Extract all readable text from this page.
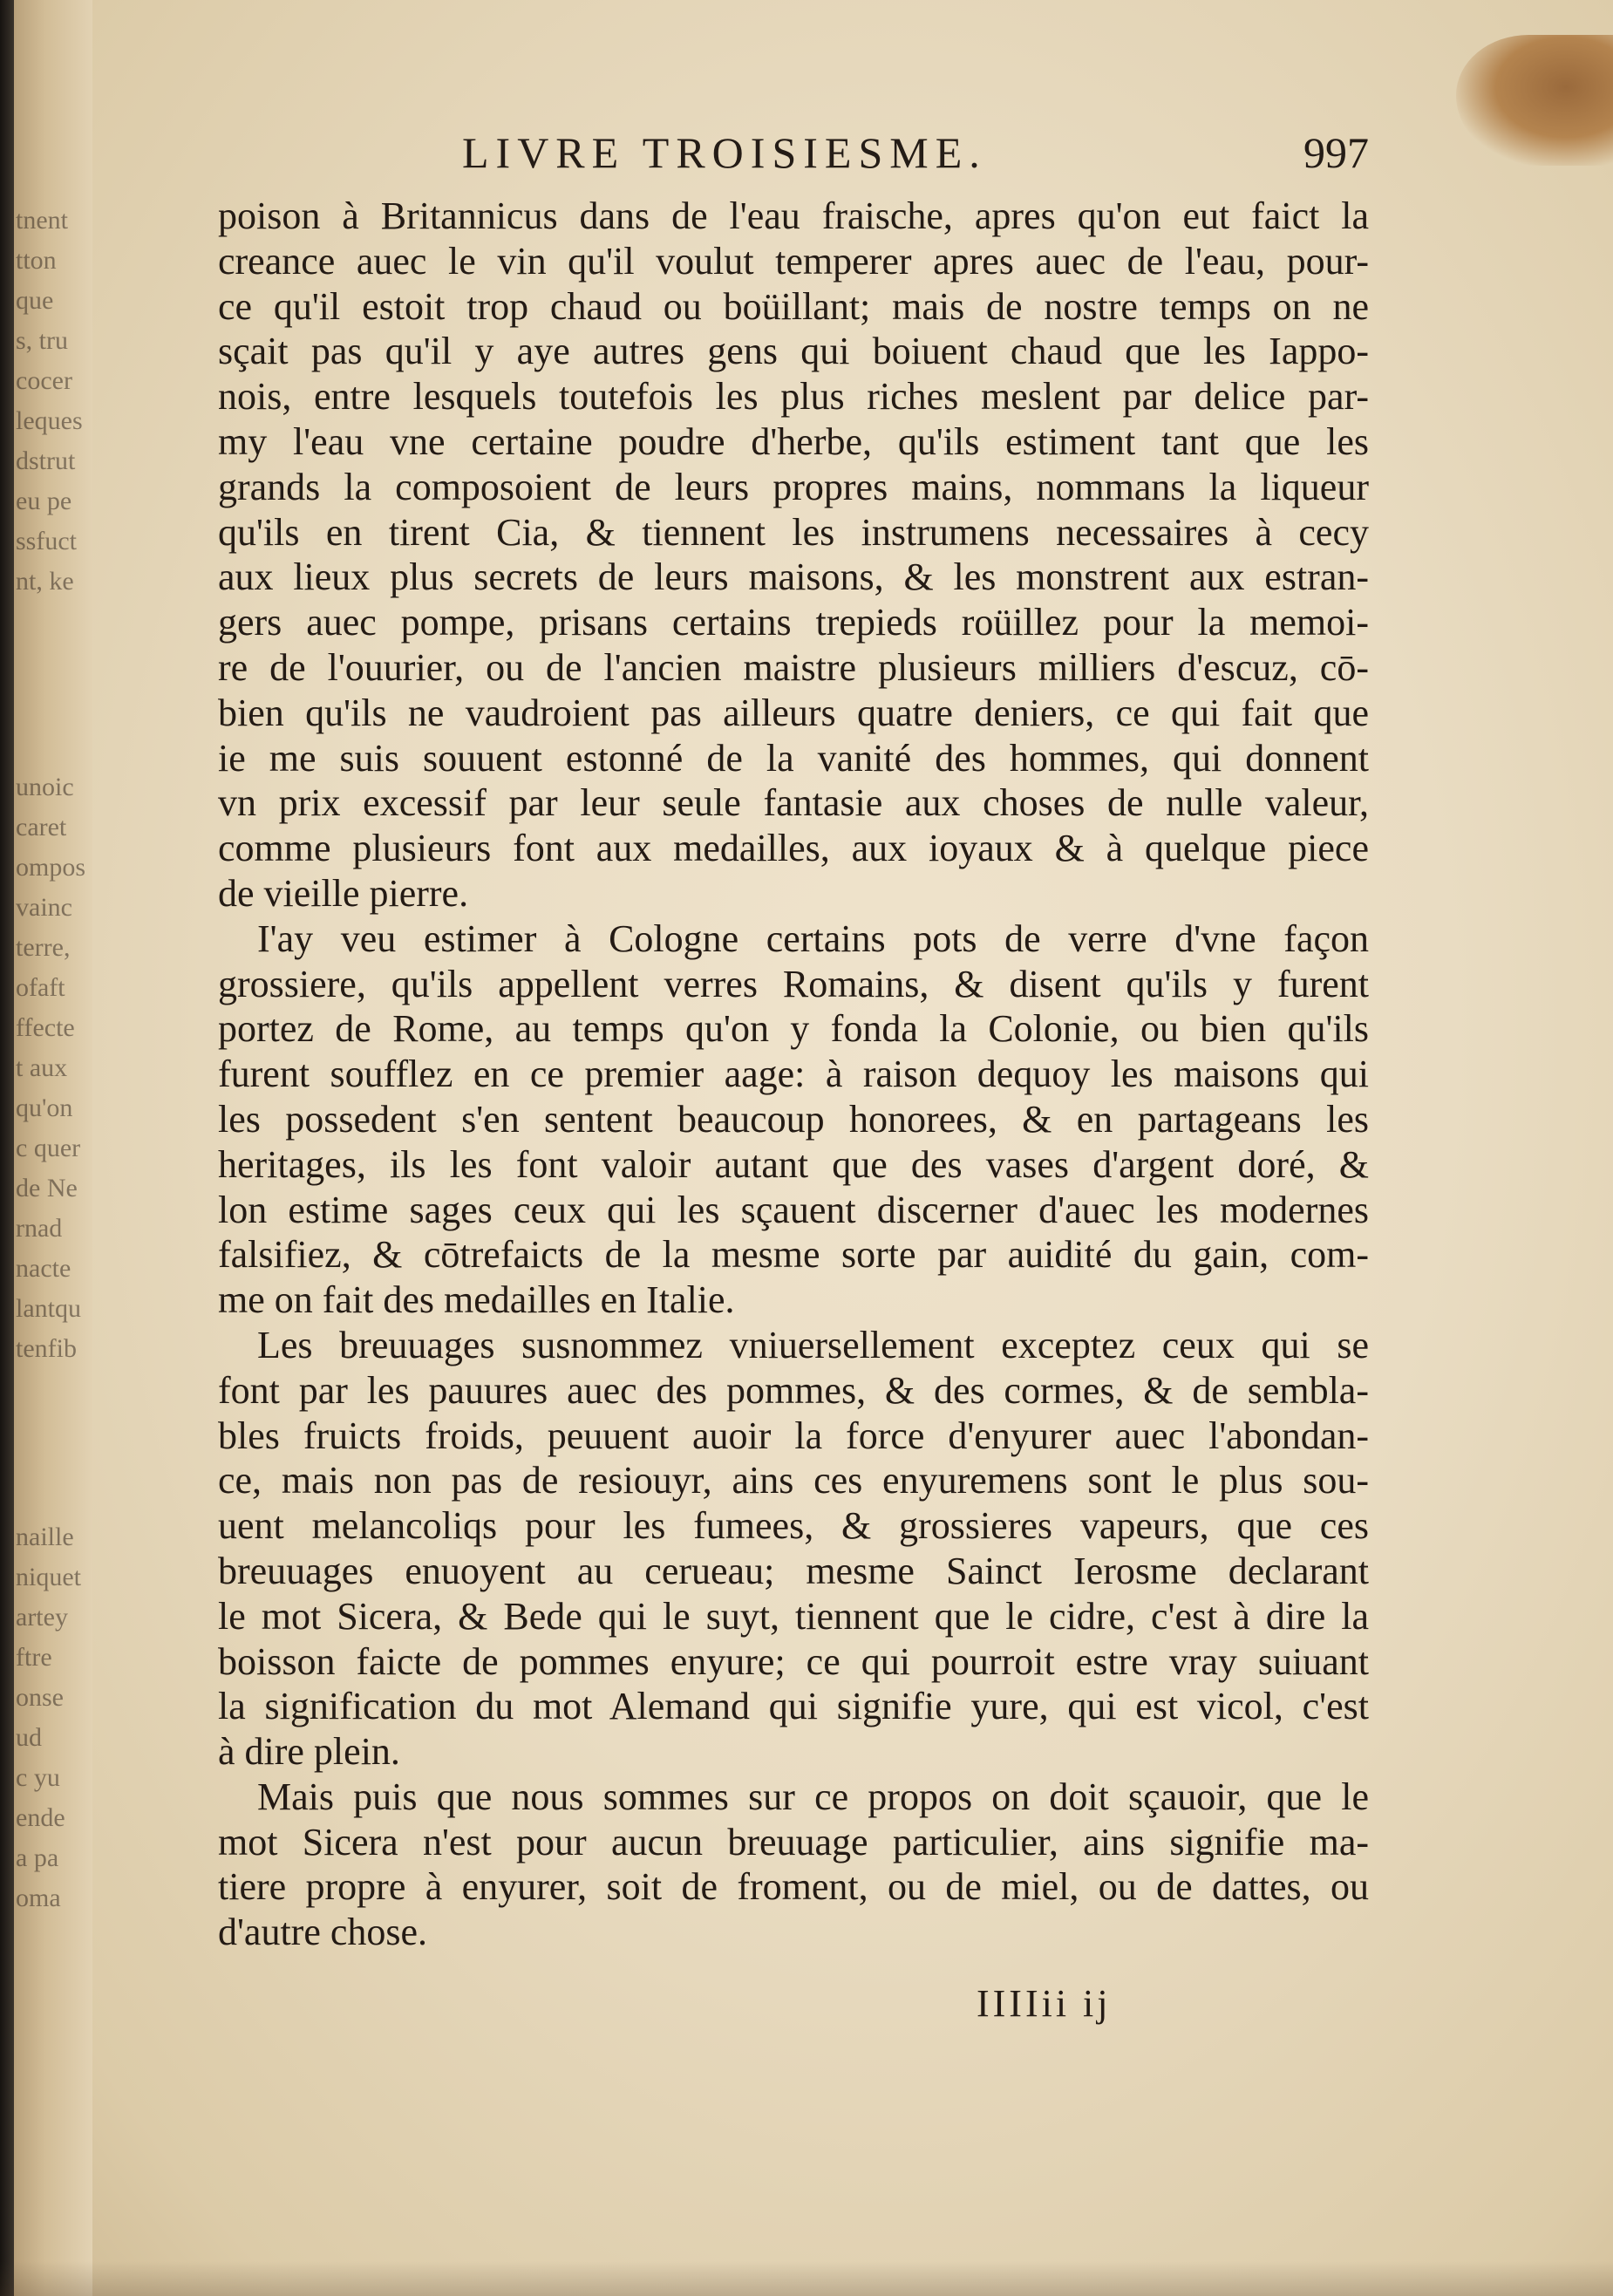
tnent
tton
que
s, tru
cocer
leques
dstrut
eu pe
ssfuct
nt, ke
unoic
caret
ompos
vainc
terre,
ofaft
ffecte
t aux
qu'on
c quer
de Ne
rnad
nacte
lantqu
tenfib
naille
niquet
artey
ftre
onse
ud
c yu
ende
a pa
oma
LIVRE TROISIESME.	997
poison à Britannicus dans de l'eau fraische, apres qu'on eut faict la
creance auec le vin qu'il voulut temperer apres auec de l'eau, pour-
ce qu'il estoit trop chaud ou boüillant; mais de nostre temps on ne
sçait pas qu'il y aye autres gens qui boiuent chaud que les Iappo-
nois, entre lesquels toutefois les plus riches meslent par delice par-
my l'eau vne certaine poudre d'herbe, qu'ils estiment tant que les
grands la composoient de leurs propres mains, nommans la liqueur
qu'ils en tirent Cia, & tiennent les instrumens necessaires à cecy
aux lieux plus secrets de leurs maisons, & les monstrent aux estran-
gers auec pompe, prisans certains trepieds roüillez pour la memoi-
re de l'ouurier, ou de l'ancien maistre plusieurs milliers d'escuz, cō-
bien qu'ils ne vaudroient pas ailleurs quatre deniers, ce qui fait que
ie me suis souuent estonné de la vanité des hommes, qui donnent
vn prix excessif par leur seule fantasie aux choses de nulle valeur,
comme plusieurs font aux medailles, aux ioyaux & à quelque piece
de vieille pierre.
I'ay veu estimer à Cologne certains pots de verre d'vne façon
grossiere, qu'ils appellent verres Romains, & disent qu'ils y furent
portez de Rome, au temps qu'on y fonda la Colonie, ou bien qu'ils
furent soufflez en ce premier aage: à raison dequoy les maisons qui
les possedent s'en sentent beaucoup honorees, & en partageans les
heritages, ils les font valoir autant que des vases d'argent doré, &
lon estime sages ceux qui les sçauent discerner d'auec les modernes
falsifiez, & cōtrefaicts de la mesme sorte par auidité du gain, com-
me on fait des medailles en Italie.
Les breuuages susnommez vniuersellement exceptez ceux qui se
font par les pauures auec des pommes, & des cormes, & de sembla-
bles fruicts froids, peuuent auoir la force d'enyurer auec l'abondan-
ce, mais non pas de resiouyr, ains ces enyuremens sont le plus sou-
uent melancoliqs pour les fumees, & grossieres vapeurs, que ces
breuuages enuoyent au cerueau; mesme Sainct Ierosme declarant
le mot Sicera, & Bede qui le suyt, tiennent que le cidre, c'est à dire la
boisson faicte de pommes enyure; ce qui pourroit estre vray suiuant
la signification du mot Alemand qui signifie yure, qui est vicol, c'est
à dire plein.
Mais puis que nous sommes sur ce propos on doit sçauoir, que le
mot Sicera n'est pour aucun breuuage particulier, ains signifie ma-
tiere propre à enyurer, soit de froment, ou de miel, ou de dattes, ou
d'autre chose.
IIIIii ij
